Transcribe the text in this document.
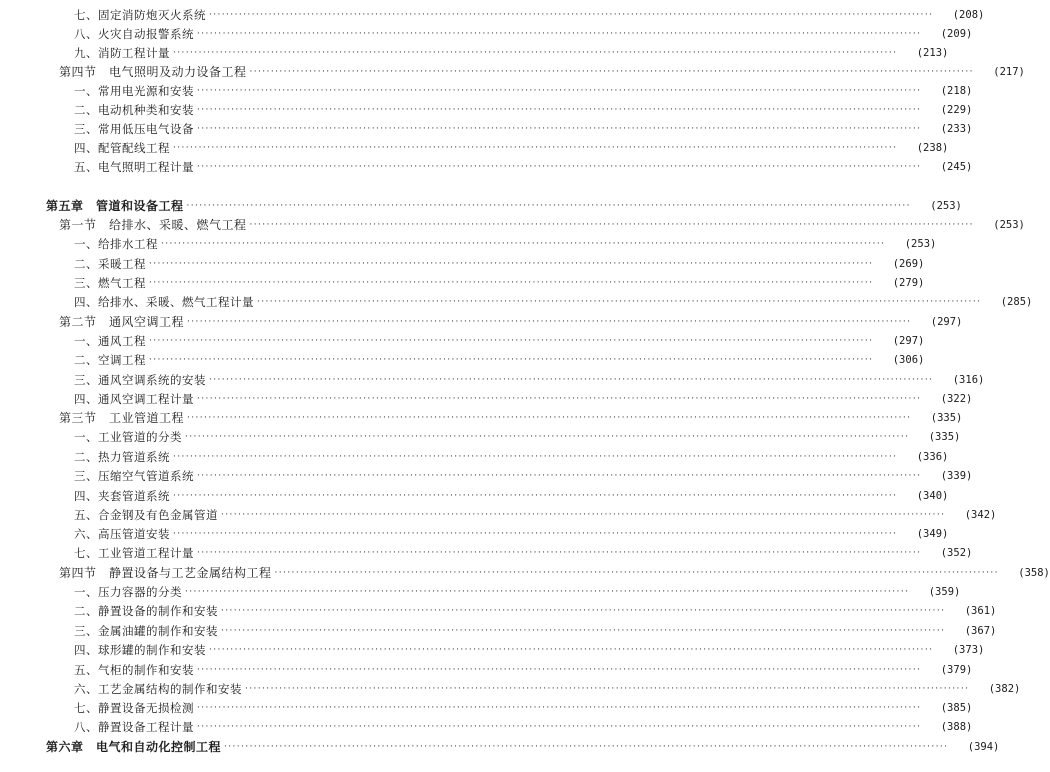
七、固定消防炮灭火系统 ·····	(208)
八、火灾自动报警系统 ·····	(209)
九、消防工程计量 ·····	(213)
第四节　电气照明及动力设备工程 ·····	(217)
一、常用电光源和安装 ·····	(218)
二、电动机种类和安装 ·····	(229)
三、常用低压电气设备 ·····	(233)
四、配管配线工程 ·····	(238)
五、电气照明工程计量 ·····	(245)
第五章　管道和设备工程 ·····	(253)
第一节　给排水、采暖、燃气工程 ·····	(253)
一、给排水工程 ·····	(253)
二、采暖工程 ·····	(269)
三、燃气工程 ·····	(279)
四、给排水、采暖、燃气工程计量 ·····	(285)
第二节　通风空调工程 ·····	(297)
一、通风工程 ·····	(297)
二、空调工程 ·····	(306)
三、通风空调系统的安装 ·····	(316)
四、通风空调工程计量 ·····	(322)
第三节　工业管道工程 ·····	(335)
一、工业管道的分类 ·····	(335)
二、热力管道系统 ·····	(336)
三、压缩空气管道系统 ·····	(339)
四、夹套管道系统 ·····	(340)
五、合金钢及有色金属管道 ·····	(342)
六、高压管道安装 ·····	(349)
七、工业管道工程计量 ·····	(352)
第四节　静置设备与工艺金属结构工程 ·····	(358)
一、压力容器的分类 ·····	(359)
二、静置设备的制作和安装 ·····	(361)
三、金属油罐的制作和安装 ·····	(367)
四、球形罐的制作和安装 ·····	(373)
五、气柜的制作和安装 ·····	(379)
六、工艺金属结构的制作和安装 ·····	(382)
七、静置设备无损检测 ·····	(385)
八、静置设备工程计量 ·····	(388)
第六章　电气和自动化控制工程 ·····	(394)
